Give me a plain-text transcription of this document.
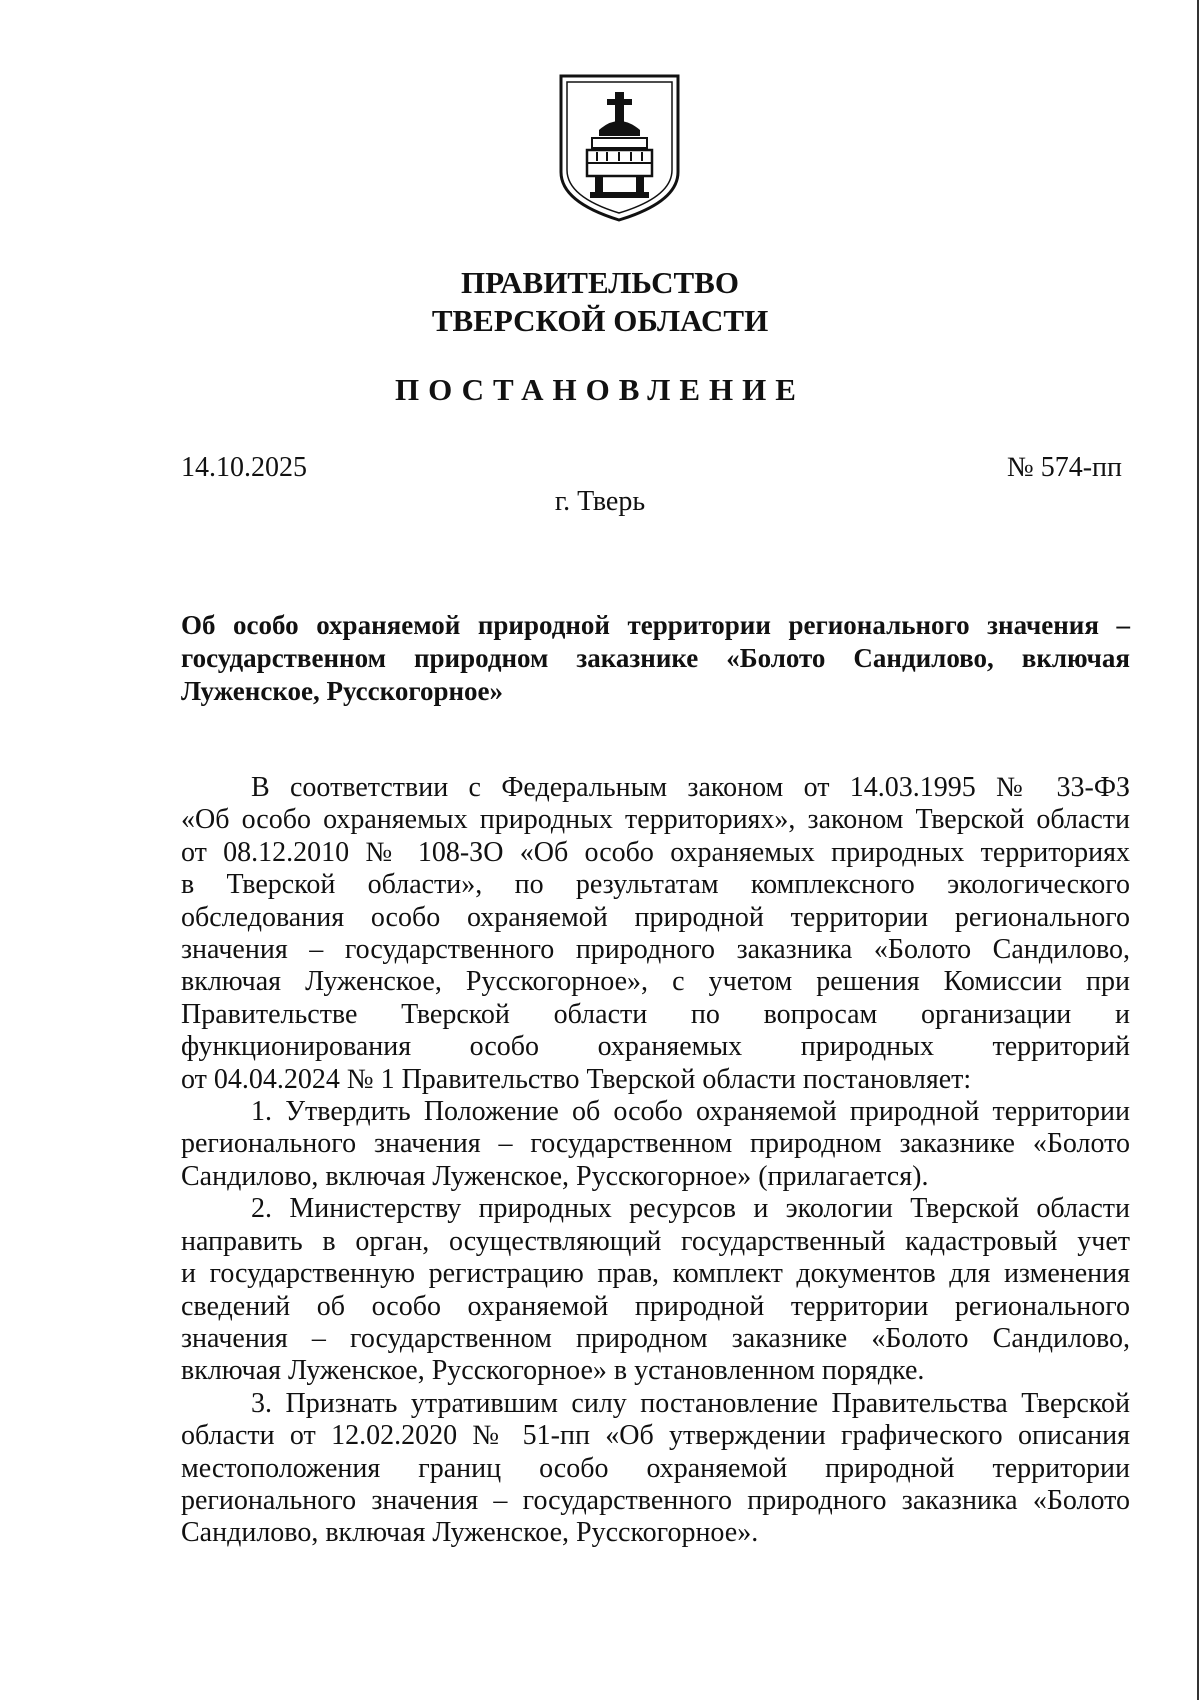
ПРАВИТЕЛЬСТВО
ТВЕРСКОЙ ОБЛАСТИ
ПОСТАНОВЛЕНИЕ
14.10.2025	№ 574-пп
г. Тверь
Об особо охраняемой природной территории регионального значения –
государственном природном заказнике «Болото Сандилово, включая
Луженское, Русскогорное»
В соответствии с Федеральным законом от 14.03.1995 № 33-ФЗ
«Об особо охраняемых природных территориях», законом Тверской области
от 08.12.2010 № 108-ЗО «Об особо охраняемых природных территориях
в Тверской области», по результатам комплексного экологического
обследования особо охраняемой природной территории регионального
значения – государственного природного заказника «Болото Сандилово,
включая Луженское, Русскогорное», с учетом решения Комиссии при
Правительстве Тверской области по вопросам организации и
функционирования особо охраняемых природных территорий
от 04.04.2024 № 1 Правительство Тверской области постановляет:
1. Утвердить Положение об особо охраняемой природной территории
регионального значения – государственном природном заказнике «Болото
Сандилово, включая Луженское, Русскогорное» (прилагается).
2. Министерству природных ресурсов и экологии Тверской области
направить в орган, осуществляющий государственный кадастровый учет
и государственную регистрацию прав, комплект документов для изменения
сведений об особо охраняемой природной территории регионального
значения – государственном природном заказнике «Болото Сандилово,
включая Луженское, Русскогорное» в установленном порядке.
3. Признать утратившим силу постановление Правительства Тверской
области от 12.02.2020 № 51-пп «Об утверждении графического описания
местоположения границ особо охраняемой природной территории
регионального значения – государственного природного заказника «Болото
Сандилово, включая Луженское, Русскогорное».
